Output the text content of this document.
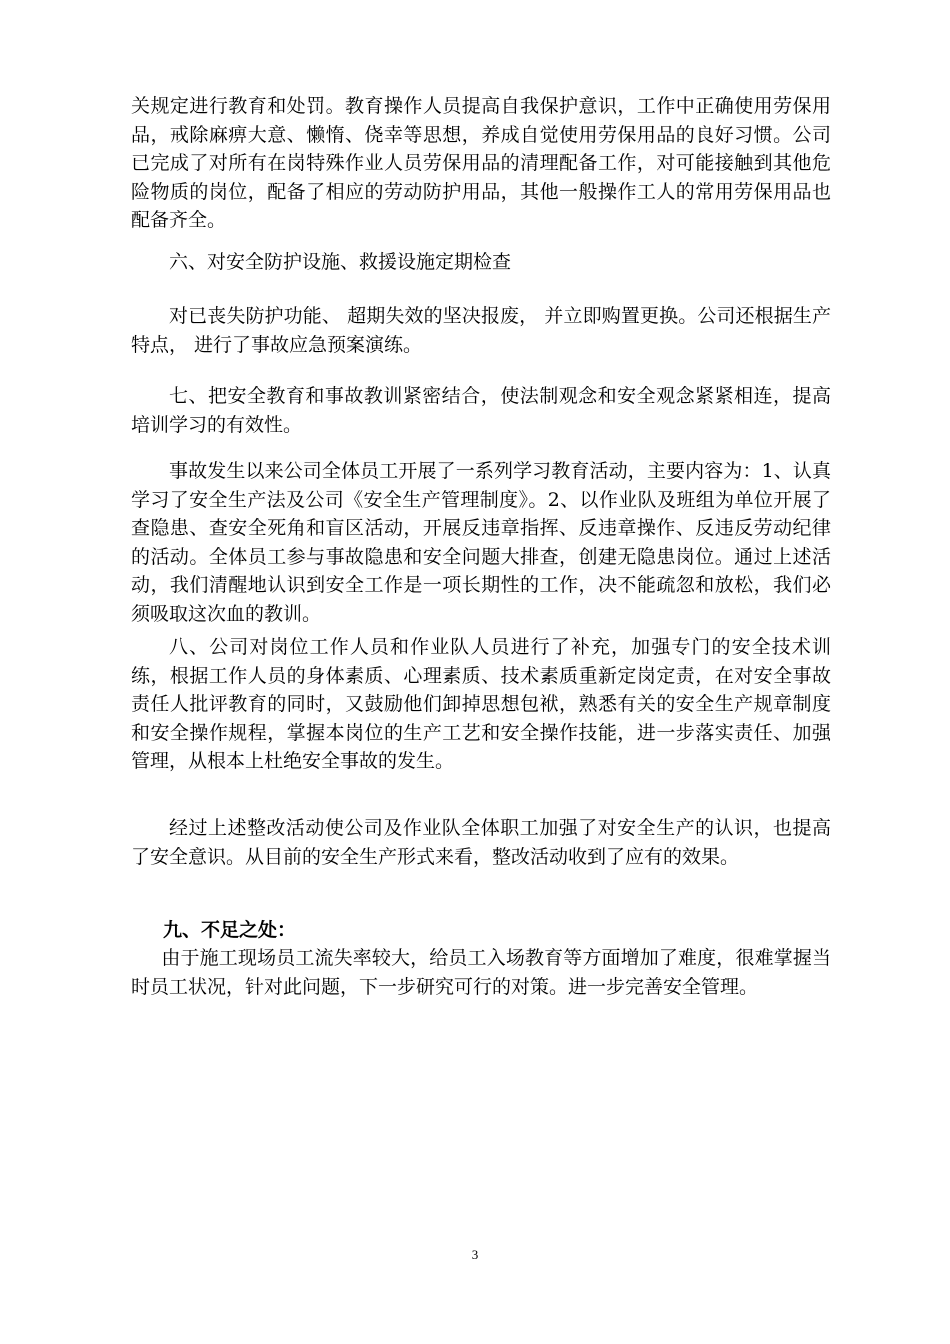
关规定进行教育和处罚。教育操作人员提高自我保护意识，工作中正确使用劳保用品，戒除麻痹大意、懒惰、侥幸等思想，养成自觉使用劳保用品的良好习惯。公司已完成了对所有在岗特殊作业人员劳保用品的清理配备工作，对可能接触到其他危险物质的岗位，配备了相应的劳动防护用品，其他一般操作工人的常用劳保用品也配备齐全。

六、对安全防护设施、救援设施定期检查

对已丧失防护功能、 超期失效的坚决报废， 并立即购置更换。公司还根据生产特点， 进行了事故应急预案演练。

七、把安全教育和事故教训紧密结合，使法制观念和安全观念紧紧相连，提高培训学习的有效性。

事故发生以来公司全体员工开展了一系列学习教育活动，主要内容为：1、认真学习了安全生产法及公司《安全生产管理制度》。2、以作业队及班组为单位开展了查隐患、查安全死角和盲区活动，开展反违章指挥、反违章操作、反违反劳动纪律的活动。全体员工参与事故隐患和安全问题大排查，创建无隐患岗位。通过上述活动，我们清醒地认识到安全工作是一项长期性的工作，决不能疏忽和放松，我们必须吸取这次血的教训。

八、公司对岗位工作人员和作业队人员进行了补充，加强专门的安全技术训练，根据工作人员的身体素质、心理素质、技术素质重新定岗定责，在对安全事故责任人批评教育的同时，又鼓励他们卸掉思想包袱，熟悉有关的安全生产规章制度和安全操作规程，掌握本岗位的生产工艺和安全操作技能，进一步落实责任、加强管理，从根本上杜绝安全事故的发生。

经过上述整改活动使公司及作业队全体职工加强了对安全生产的认识，也提高了安全意识。从目前的安全生产形式来看，整改活动收到了应有的效果。

九、不足之处：

由于施工现场员工流失率较大，给员工入场教育等方面增加了难度，很难掌握当时员工状况，针对此问题，下一步研究可行的对策。进一步完善安全管理。

3
